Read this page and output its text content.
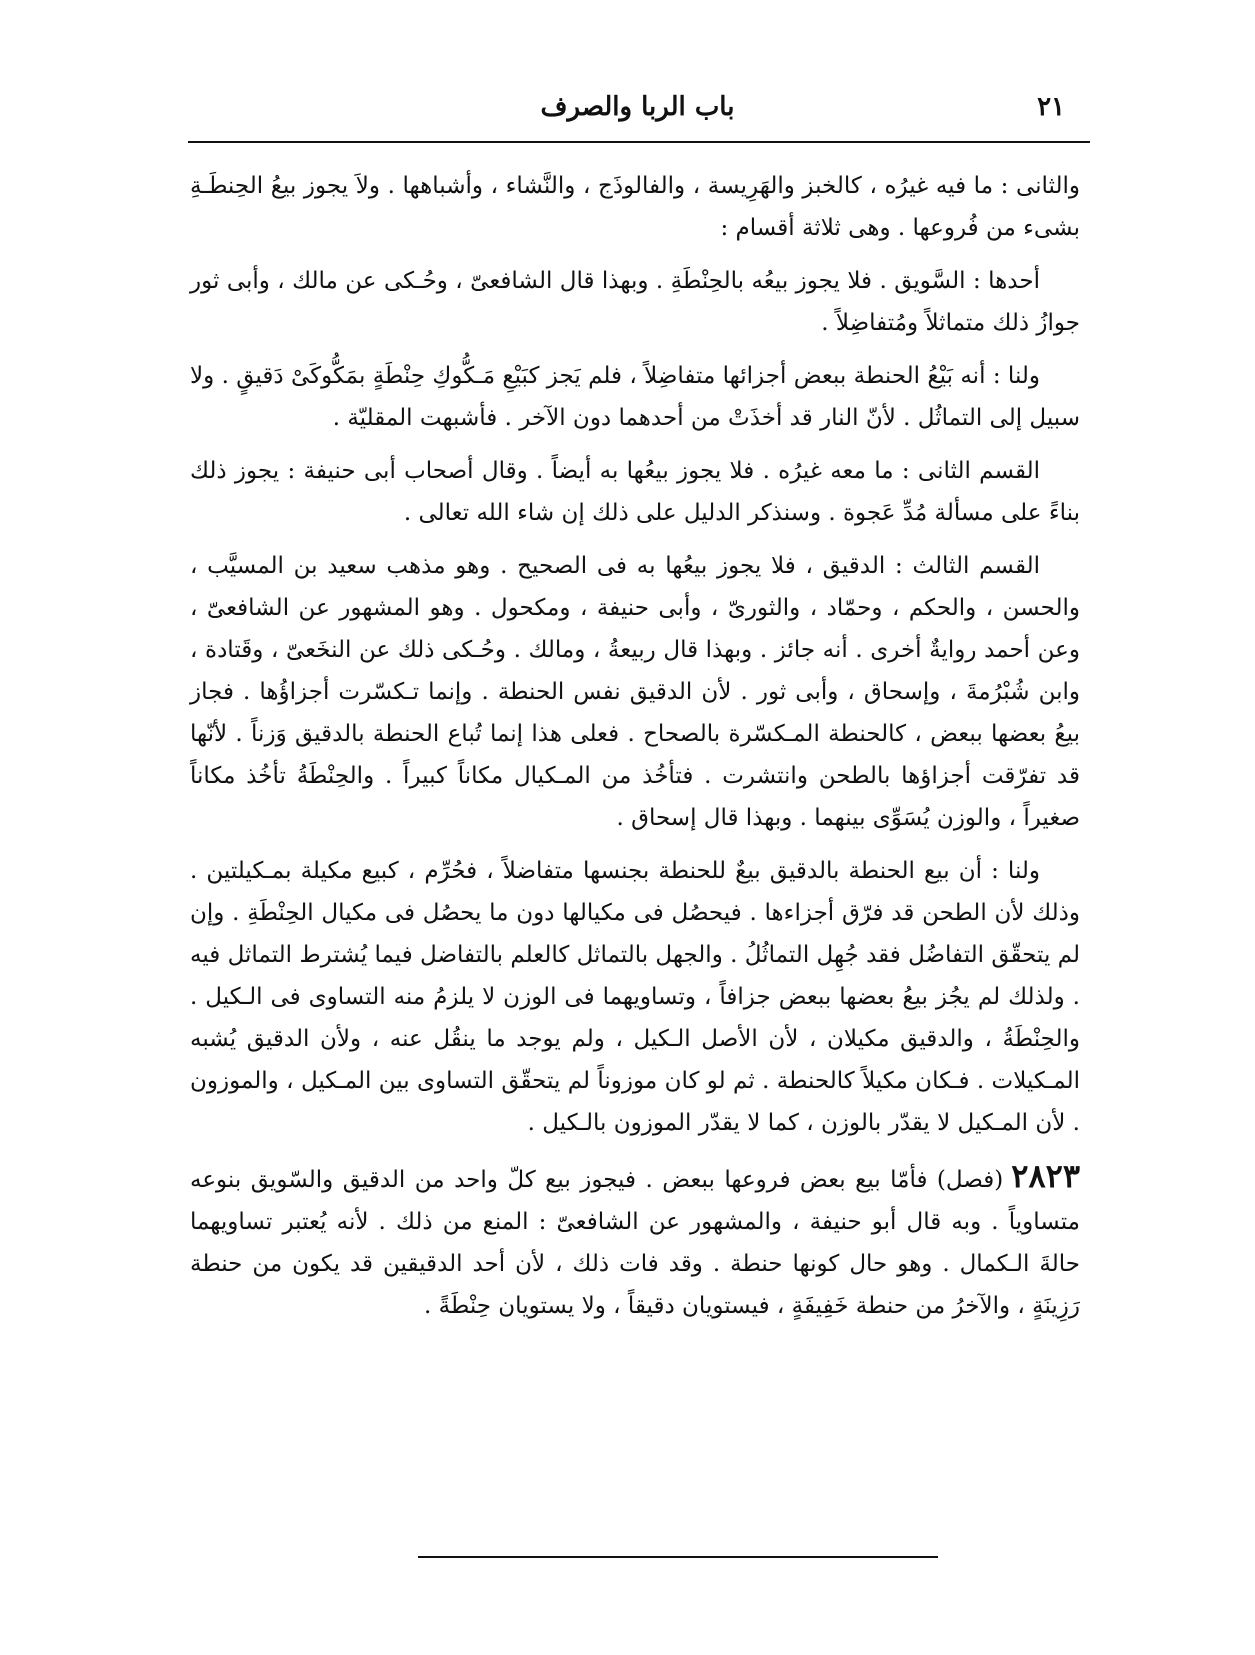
باب الربا والصرف	٢١

والثانى : ما فيه غيرُه ، كالخبز والهَرِيسة ، والفالوذَج ، والنَّشاء ، وأشباهها . ولاَ يجوز بيعُ الحِنطَـةِ بشىء من فُروعها . وهى ثلاثة أقسام :

أحدها : السَّويق . فلا يجوز بيعُه بالحِنْطَةِ . وبهذا قال الشافعىّ ، وحُـكى عن مالك ، وأبى ثور جوازُ ذلك متماثلاً ومُتفاضِلاً .

ولنا : أنه بَيْعُ الحنطة ببعض أجزائها متفاضِلاً ، فلم يَجز كبَيْعِ مَـكُّوكِ حِنْطَةٍ بمَكُّوكَىْ دَقيقٍ . ولا سبيل إلى التماثُل . لأنّ النار قد أخذَتْ من أحدهما دون الآخر . فأشبهت المقليّة .

القسم الثانى : ما معه غيرُه . فلا يجوز بيعُها به أيضاً . وقال أصحاب أبى حنيفة : يجوز ذلك بناءً على مسألة مُدِّ عَجوة . وسنذكر الدليل على ذلك إن شاء الله تعالى .

القسم الثالث : الدقيق ، فلا يجوز بيعُها به فى الصحيح . وهو مذهب سعيد بن المسيَّب ، والحسن ، والحكم ، وحمّاد ، والثورىّ ، وأبى حنيفة ، ومكحول . وهو المشهور عن الشافعىّ ، وعن أحمد روايةٌ أخرى . أنه جائز . وبهذا قال ربيعةُ ، ومالك . وحُـكى ذلك عن النخَعىّ ، وقَتادة ، وابن شُبْرُمةَ ، وإسحاق ، وأبى ثور . لأن الدقيق نفس الحنطة . وإنما تـكسّرت أجزاؤُها . فجاز بيعُ بعضها ببعض ، كالحنطة المـكسّرة بالصحاح . فعلى هذا إنما تُباع الحنطة بالدقيق وَزناً . لأنّها قد تفرّقت أجزاؤها بالطحن وانتشرت . فتأخُذ من المـكيال مكاناً كبيراً . والحِنْطَةُ تأخُذ مكاناً صغيراً ، والوزن يُسَوِّى بينهما . وبهذا قال إسحاق .

ولنا : أن بيع الحنطة بالدقيق بيعٌ للحنطة بجنسها متفاضلاً ، فحُرِّم ، كبيع مكيلة بمـكيلتين . وذلك لأن الطحن قد فرّق أجزاءها . فيحصُل فى مكيالها دون ما يحصُل فى مكيال الحِنْطَةِ . وإن لم يتحقّق التفاضُل فقد جُهِل التماثُلُ . والجهل بالتماثل كالعلم بالتفاضل فيما يُشترط التماثل فيه . ولذلك لم يجُز بيعُ بعضها ببعض جزافاً ، وتساويهما فى الوزن لا يلزمُ منه التساوى فى الـكيل . والحِنْطَةُ ، والدقيق مكيلان ، لأن الأصل الـكيل ، ولم يوجد ما ينقُل عنه ، ولأن الدقيق يُشبه المـكيلات . فـكان مكيلاً كالحنطة . ثم لو كان موزوناً لم يتحقّق التساوى بين المـكيل ، والموزون . لأن المـكيل لا يقدّر بالوزن ، كما لا يقدّر الموزون بالـكيل .

٢٨٢٣(فصل) فأمّا بيع بعض فروعها ببعض . فيجوز بيع كلّ واحد من الدقيق والسّويق بنوعه متساوياً . وبه قال أبو حنيفة ، والمشهور عن الشافعىّ : المنع من ذلك . لأنه يُعتبر تساويهما حالةَ الـكمال . وهو حال كونها حنطة . وقد فات ذلك ، لأن أحد الدقيقين قد يكون من حنطة رَزِينَةٍ ، والآخرُ من حنطة خَفِيفَةٍ ، فيستويان دقيقاً ، ولا يستويان حِنْطَةً .
